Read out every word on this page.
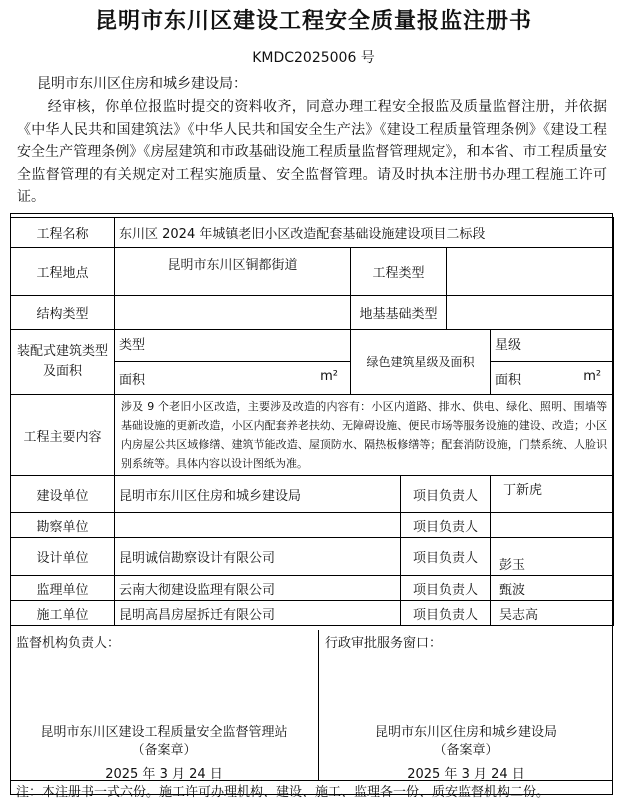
昆明市东川区建设工程安全质量报监注册书
KMDC2025006 号
昆明市东川区住房和城乡建设局：
经审核，你单位报监时提交的资料收齐，同意办理工程安全报监及质量监督注册，并依据《中华人民共和国建筑法》《中华人民共和国安全生产法》《建设工程质量管理条例》《建设工程安全生产管理条例》《房屋建筑和市政基础设施工程质量监督管理规定》，和本省、市工程质量安全监督管理的有关规定对工程实施质量、安全监督管理。请及时执本注册书办理工程施工许可证。
工程名称	东川区 2024 年城镇老旧小区改造配套基础设施建设项目二标段				
工程地点	昆明市东川区铜都街道	工程类型			
结构类型		地基基础类型			
装配式建筑类型及面积	类型	绿色建筑星级及面积			星级
	面积 m²				面积 m²

工程主要内容	涉及 9 个老旧小区改造，主要涉及改造的内容有：小区内道路、排水、供电、绿化、照明、围墙等基础设施的更新改造，小区内配套养老扶幼、无障碍设施、便民市场等服务设施的建设、改造；小区内房屋公共区域修缮、建筑节能改造、屋顶防水、隔热板修缮等；配套消防设施，门禁系统、人脸识别系统等。具体内容以设计图纸为准。				
建设单位	昆明市东川区住房和城乡建设局		项目负责人		丁新虎
勘察单位			项目负责人		
设计单位	昆明诚信勘察设计有限公司		项目负责人		彭玉
监理单位	云南大彻建设监理有限公司		项目负责人		甄波
施工单位	昆明高昌房屋拆迁有限公司		项目负责人		吴志高
监督机构负责人：
昆明市东川区建设工程质量安全监督管理站
（备案章）
2025 年 3 月 24 日
行政审批服务窗口：
昆明市东川区住房和城乡建设局
（备案章）
2025 年 3 月 24 日
注：本注册书一式六份。施工许可办理机构、建设、施工、监理各一份、质安监督机构二份。
